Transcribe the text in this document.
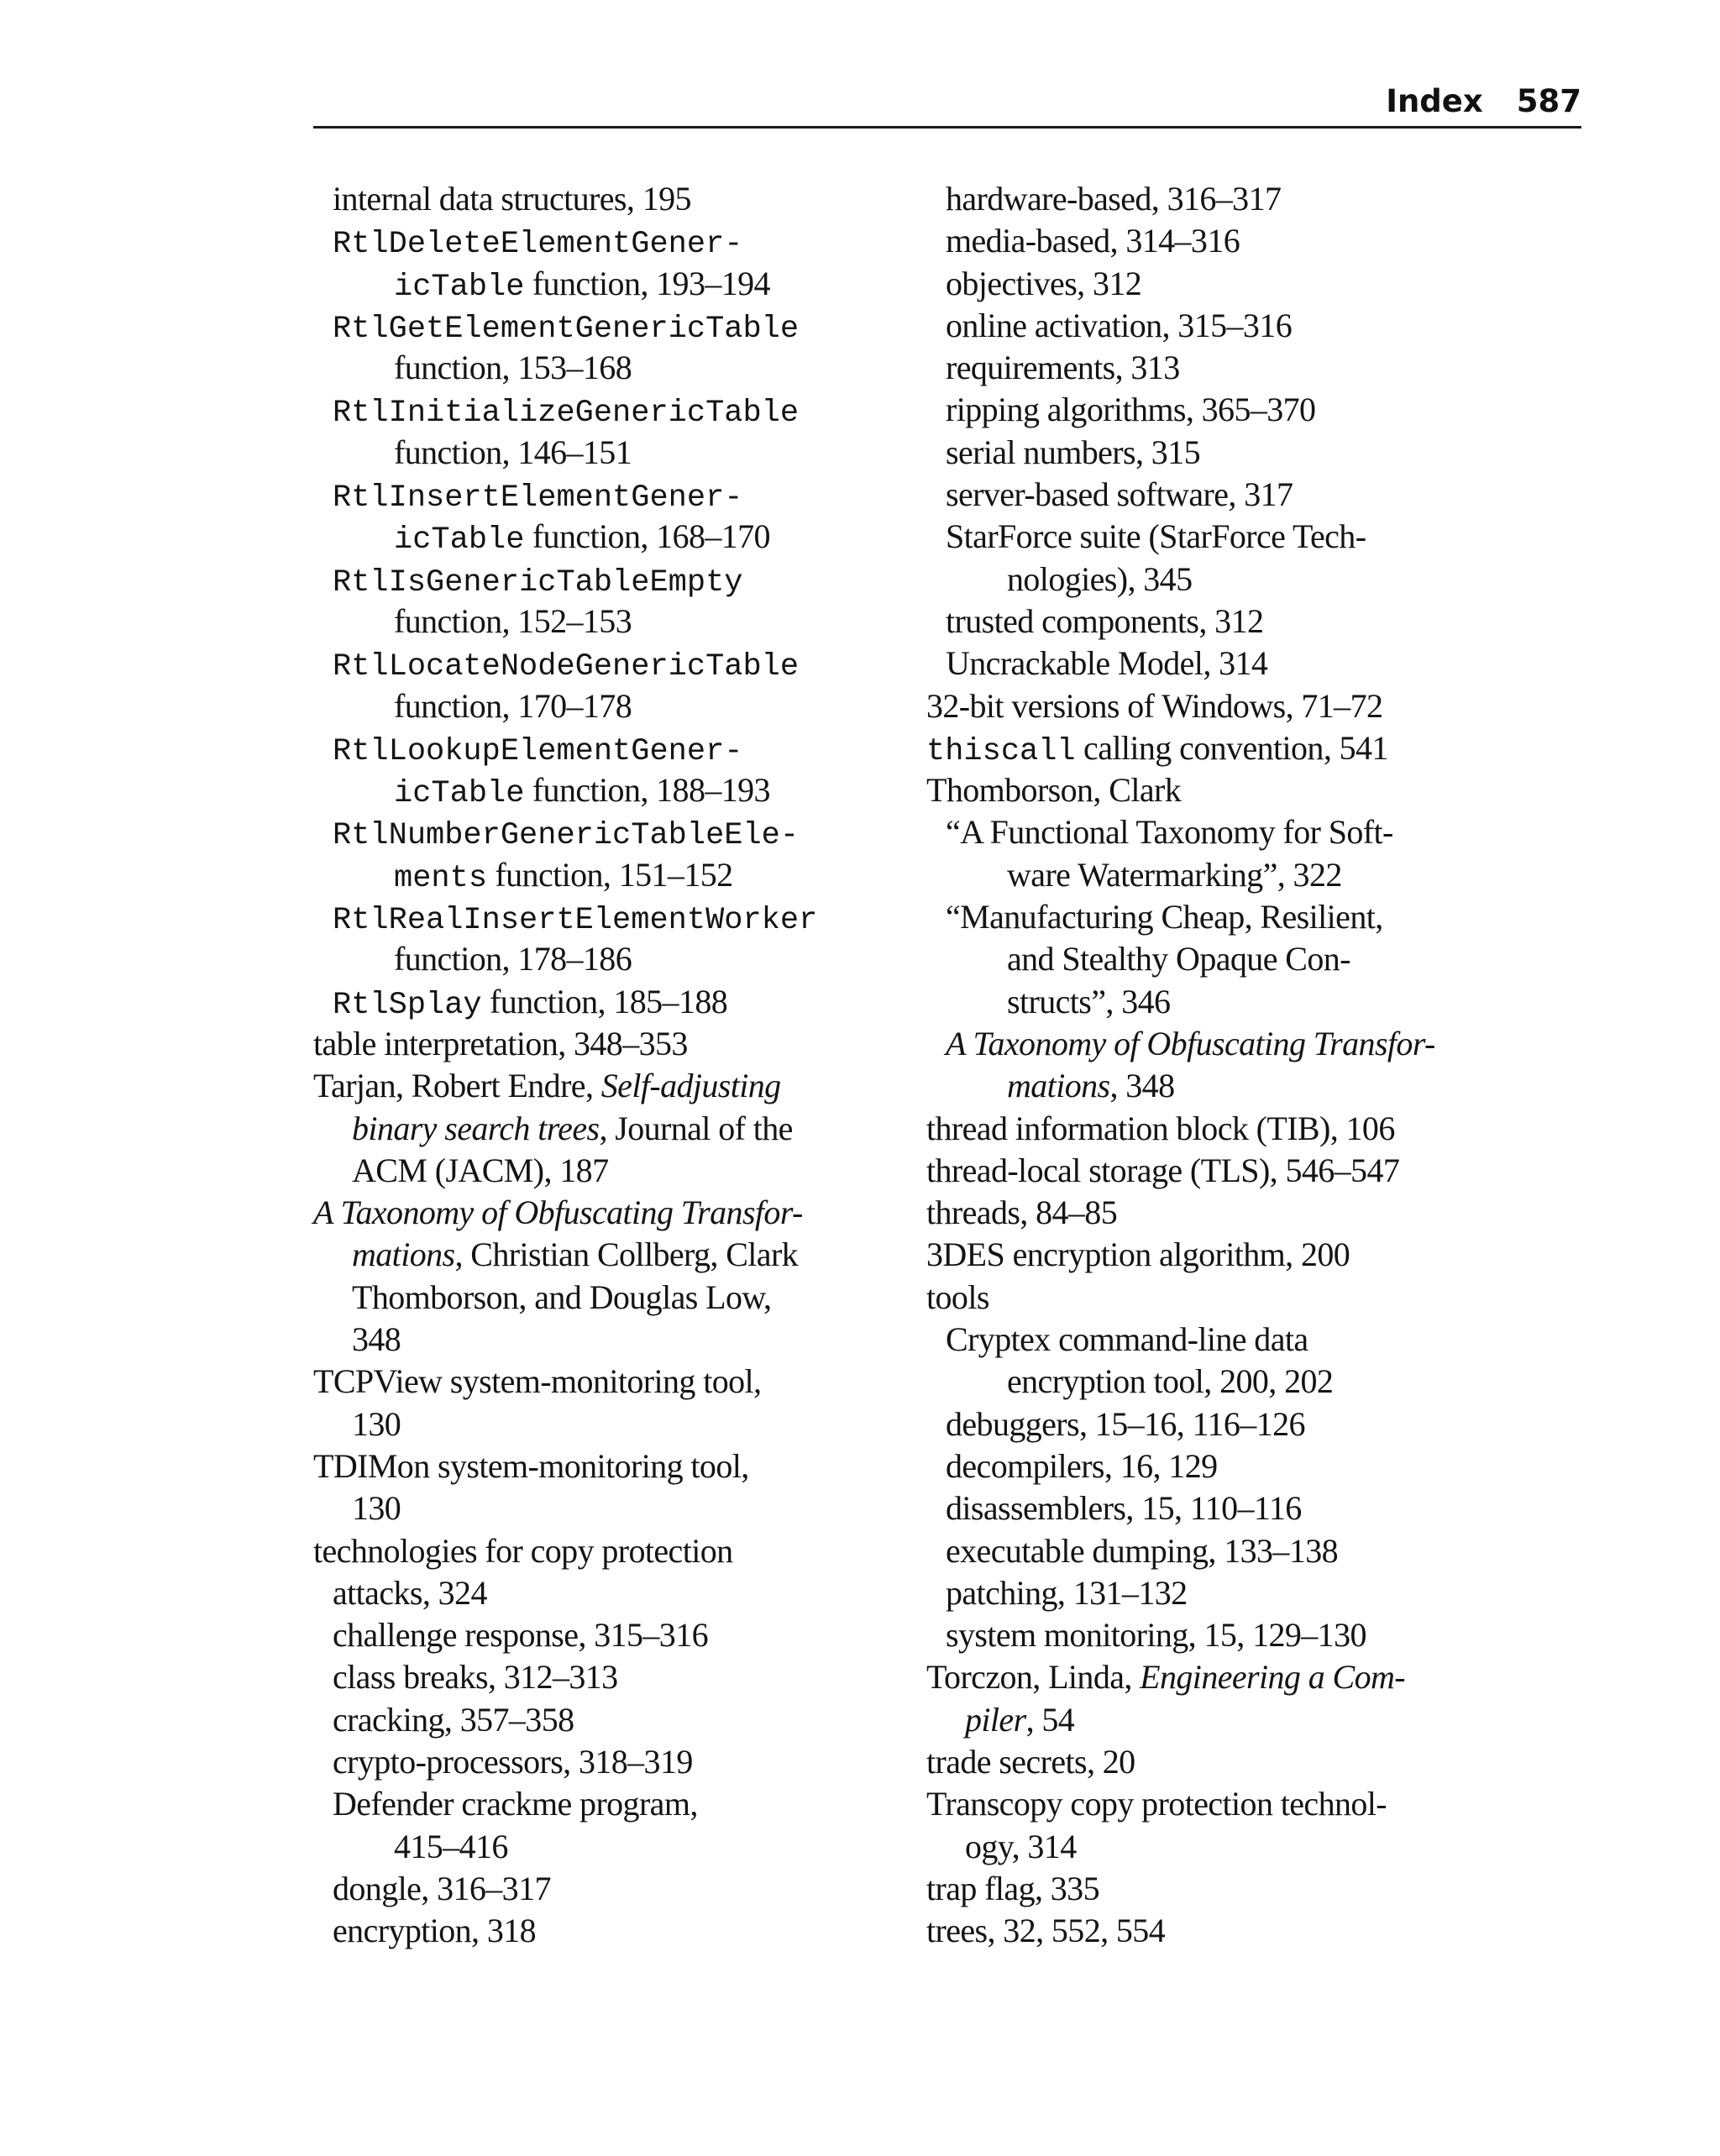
Index 587
internal data structures, 195
RtlDeleteElementGener-
icTable function, 193–194
RtlGetElementGenericTable
function, 153–168
RtlInitializeGenericTable
function, 146–151
RtlInsertElementGener-
icTable function, 168–170
RtlIsGenericTableEmpty
function, 152–153
RtlLocateNodeGenericTable
function, 170–178
RtlLookupElementGener-
icTable function, 188–193
RtlNumberGenericTableEle-
ments function, 151–152
RtlRealInsertElementWorker
function, 178–186
RtlSplay function, 185–188
table interpretation, 348–353
Tarjan, Robert Endre, Self-adjusting
binary search trees, Journal of the
ACM (JACM), 187
A Taxonomy of Obfuscating Transfor-
mations, Christian Collberg, Clark
Thomborson, and Douglas Low,
348
TCPView system-monitoring tool,
130
TDIMon system-monitoring tool,
130
technologies for copy protection
attacks, 324
challenge response, 315–316
class breaks, 312–313
cracking, 357–358
crypto-processors, 318–319
Defender crackme program,
415–416
dongle, 316–317
encryption, 318
hardware-based, 316–317
media-based, 314–316
objectives, 312
online activation, 315–316
requirements, 313
ripping algorithms, 365–370
serial numbers, 315
server-based software, 317
StarForce suite (StarForce Tech-
nologies), 345
trusted components, 312
Uncrackable Model, 314
32-bit versions of Windows, 71–72
thiscall calling convention, 541
Thomborson, Clark
“A Functional Taxonomy for Soft-
ware Watermarking”, 322
“Manufacturing Cheap, Resilient,
and Stealthy Opaque Con-
structs”, 346
A Taxonomy of Obfuscating Transfor-
mations, 348
thread information block (TIB), 106
thread-local storage (TLS), 546–547
threads, 84–85
3DES encryption algorithm, 200
tools
Cryptex command-line data
encryption tool, 200, 202
debuggers, 15–16, 116–126
decompilers, 16, 129
disassemblers, 15, 110–116
executable dumping, 133–138
patching, 131–132
system monitoring, 15, 129–130
Torczon, Linda, Engineering a Com-
piler, 54
trade secrets, 20
Transcopy copy protection technol-
ogy, 314
trap flag, 335
trees, 32, 552, 554
